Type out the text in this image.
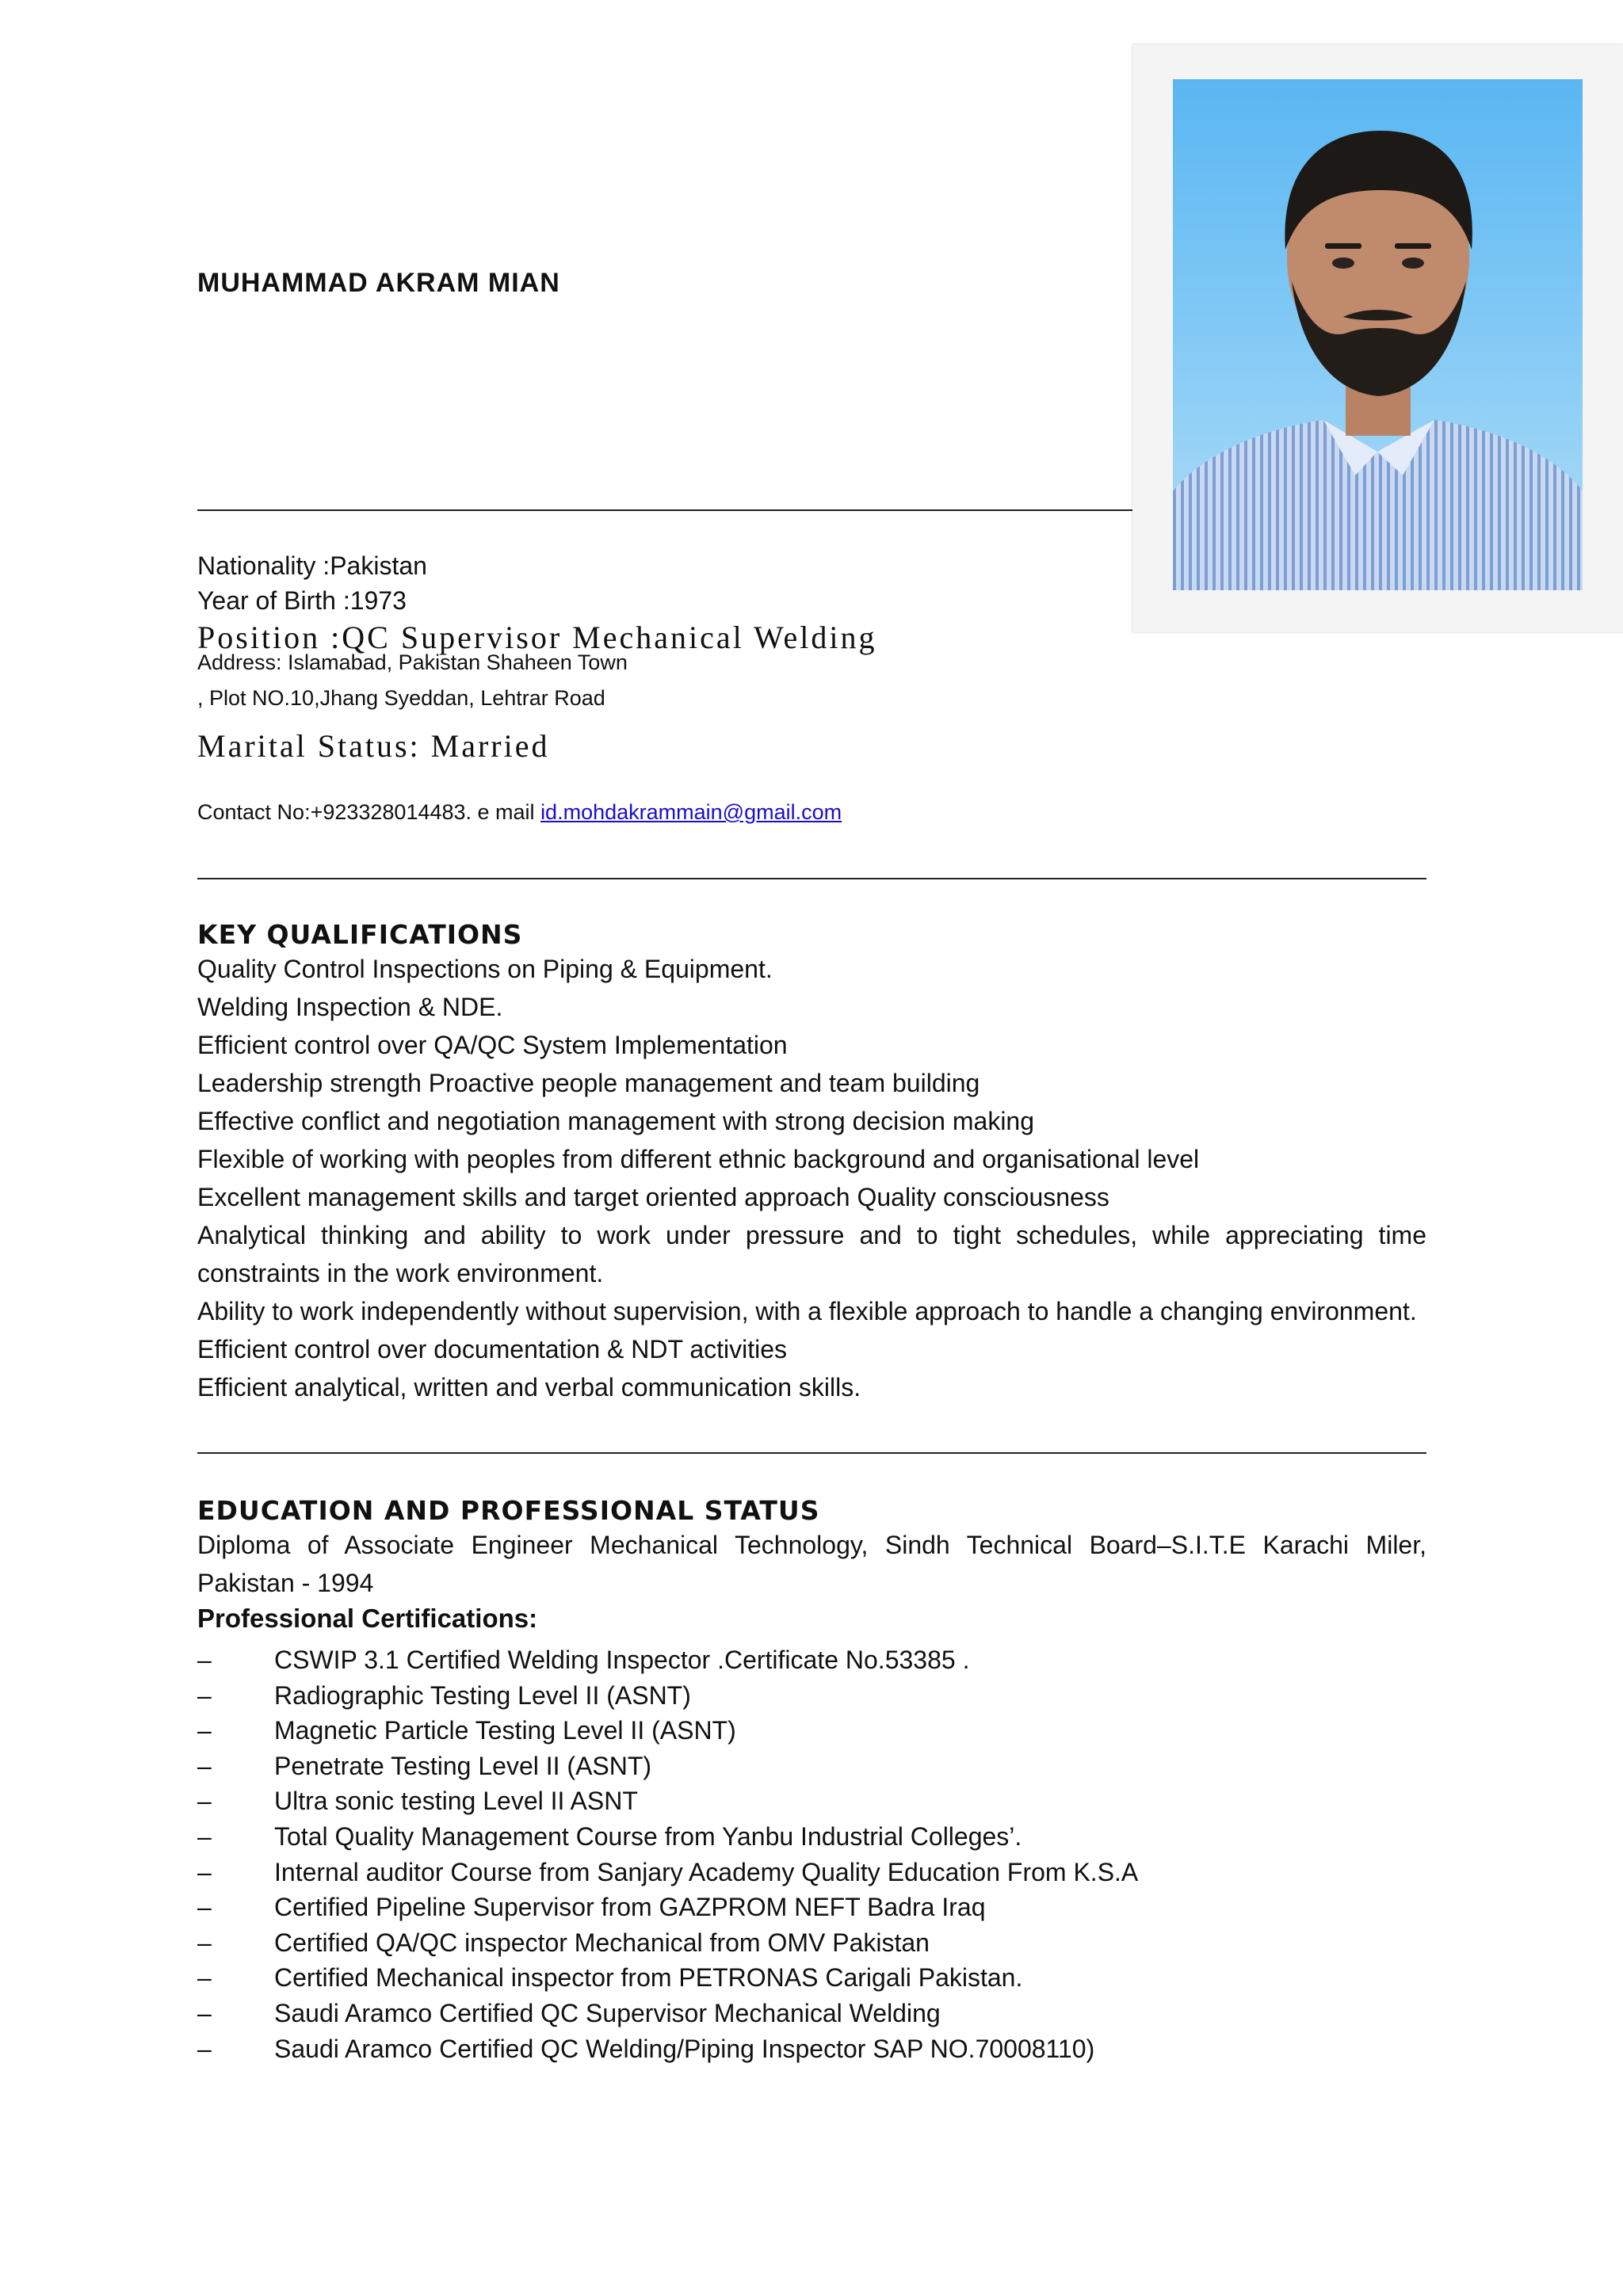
MUHAMMAD AKRAM MIAN
Nationality :Pakistan
Year of Birth :1973
Position :QC Supervisor Mechanical Welding
Address: Islamabad, Pakistan Shaheen Town
, Plot NO.10,Jhang Syeddan, Lehtrar Road
Marital Status: Married
Contact No:+923328014483. e mail id.mohdakrammain@gmail.com
KEY QUALIFICATIONS

Quality Control Inspections on Piping & Equipment.

Welding Inspection & NDE.

Efficient control over QA/QC System Implementation

Leadership strength Proactive people management and team building

Effective conflict and negotiation management with strong decision making

Flexible of working with peoples from different ethnic background and organisational level

Excellent management skills and target oriented approach Quality consciousness

Analytical thinking and ability to work under pressure and to tight schedules, while appreciating time constraints in the work environment.

Ability to work independently without supervision, with a flexible approach to handle a changing environment.

Efficient control over documentation & NDT activities

Efficient analytical, written and verbal communication skills.

EDUCATION AND PROFESSIONAL STATUS

Diploma of Associate Engineer Mechanical Technology, Sindh Technical Board–S.I.T.E Karachi Miler, Pakistan - 1994

Professional Certifications:
–	CSWIP 3.1 Certified Welding Inspector .Certificate No.53385 .
–	Radiographic Testing Level II (ASNT)
–	Magnetic Particle Testing Level II (ASNT)
–	Penetrate Testing Level II (ASNT)
–	Ultra sonic testing Level II ASNT
–	Total Quality Management Course from Yanbu Industrial Colleges’.
–	Internal auditor Course from Sanjary Academy Quality Education From K.S.A
–	Certified Pipeline Supervisor from GAZPROM NEFT Badra Iraq
–	Certified QA/QC inspector Mechanical from OMV Pakistan
–	Certified Mechanical inspector from PETRONAS Carigali Pakistan.
–	Saudi Aramco Certified QC Supervisor Mechanical Welding
–	Saudi Aramco Certified QC Welding/Piping Inspector SAP NO.70008110)
